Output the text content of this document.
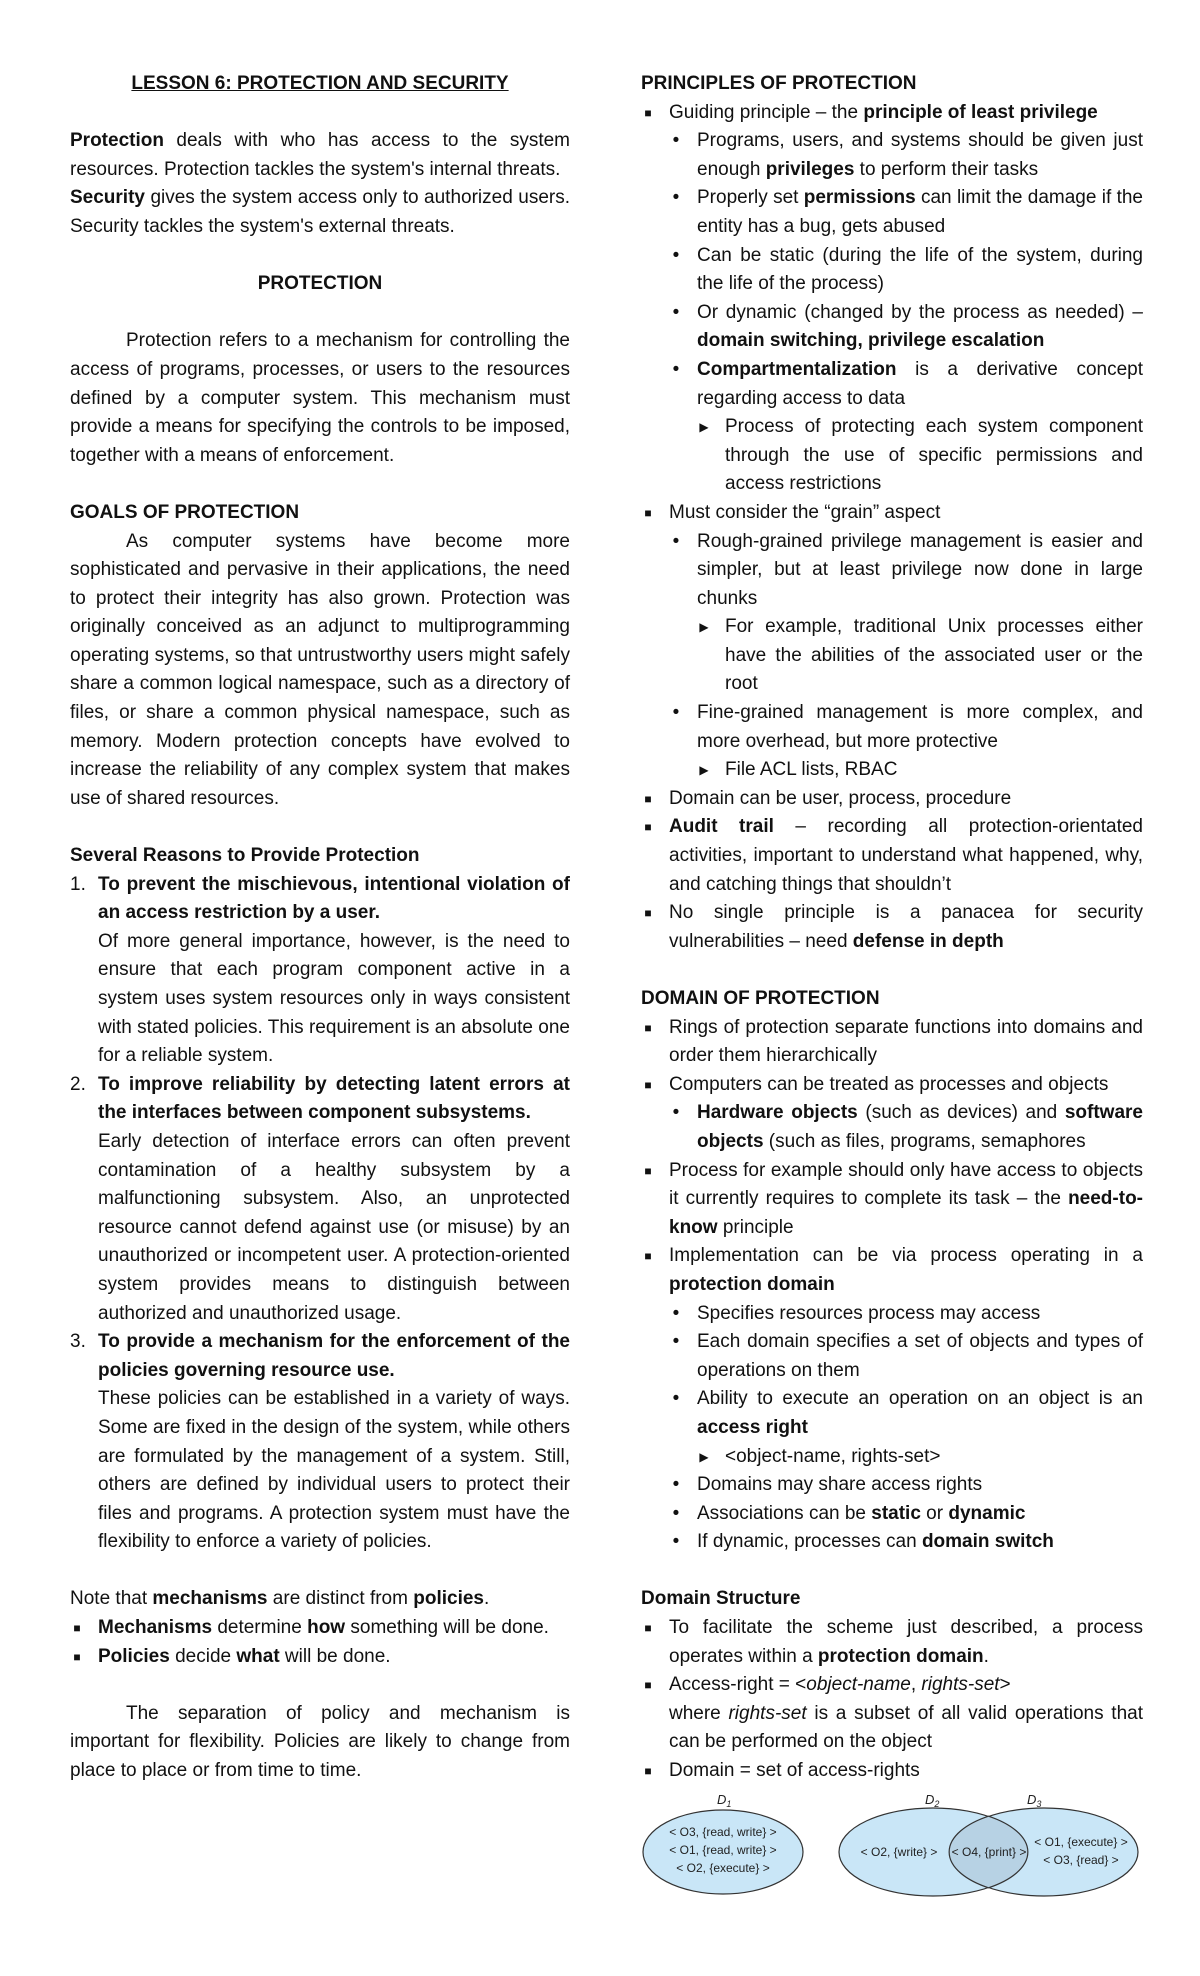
LESSON 6: PROTECTION AND SECURITY

Protection deals with who has access to the system resources. Protection tackles the system's internal threats.

Security gives the system access only to authorized users. Security tackles the system's external threats.

PROTECTION

Protection refers to a mechanism for controlling the access of programs, processes, or users to the resources defined by a computer system. This mechanism must provide a means for specifying the controls to be imposed, together with a means of enforcement.

GOALS OF PROTECTION

As computer systems have become more sophisticated and pervasive in their applications, the need to protect their integrity has also grown. Protection was originally conceived as an adjunct to multiprogramming operating systems, so that untrustworthy users might safely share a common logical namespace, such as a directory of files, or share a common physical namespace, such as memory. Modern protection concepts have evolved to increase the reliability of any complex system that makes use of shared resources.

Several Reasons to Provide Protection

1. To prevent the mischievous, intentional violation of an access restriction by a user.

Of more general importance, however, is the need to ensure that each program component active in a system uses system resources only in ways consistent with stated policies. This requirement is an absolute one for a reliable system.

2. To improve reliability by detecting latent errors at the interfaces between component subsystems.

Early detection of interface errors can often prevent contamination of a healthy subsystem by a malfunctioning subsystem. Also, an unprotected resource cannot defend against use (or misuse) by an unauthorized or incompetent user. A protection-oriented system provides means to distinguish between authorized and unauthorized usage.

3. To provide a mechanism for the enforcement of the policies governing resource use.

These policies can be established in a variety of ways. Some are fixed in the design of the system, while others are formulated by the management of a system. Still, others are defined by individual users to protect their files and programs. A protection system must have the flexibility to enforce a variety of policies.

Note that mechanisms are distinct from policies.

■ Mechanisms determine how something will be done.
■ Policies decide what will be done.

The separation of policy and mechanism is important for flexibility. Policies are likely to change from place to place or from time to time.

PRINCIPLES OF PROTECTION

■ Guiding principle – the principle of least privilege
• Programs, users, and systems should be given just enough privileges to perform their tasks
• Properly set permissions can limit the damage if the entity has a bug, gets abused
• Can be static (during the life of the system, during the life of the process)
• Or dynamic (changed by the process as needed) – domain switching, privilege escalation
• Compartmentalization is a derivative concept regarding access to data
▶ Process of protecting each system component through the use of specific permissions and access restrictions
■ Must consider the “grain” aspect
• Rough-grained privilege management is easier and simpler, but at least privilege now done in large chunks
▶ For example, traditional Unix processes either have the abilities of the associated user or the root
• Fine-grained management is more complex, and more overhead, but more protective
▶ File ACL lists, RBAC
■ Domain can be user, process, procedure
■ Audit trail – recording all protection-orientated activities, important to understand what happened, why, and catching things that shouldn’t
■ No single principle is a panacea for security vulnerabilities – need defense in depth

DOMAIN OF PROTECTION

■ Rings of protection separate functions into domains and order them hierarchically
■ Computers can be treated as processes and objects
• Hardware objects (such as devices) and software objects (such as files, programs, semaphores
■ Process for example should only have access to objects it currently requires to complete its task – the need-to-know principle
■ Implementation can be via process operating in a protection domain
• Specifies resources process may access
• Each domain specifies a set of objects and types of operations on them
• Ability to execute an operation on an object is an access right
▶ <object-name, rights-set>
• Domains may share access rights
• Associations can be static or dynamic
• If dynamic, processes can domain switch

Domain Structure

■ To facilitate the scheme just described, a process operates within a protection domain.
■ Access-right = <object-name, rights-set>
where rights-set is a subset of all valid operations that can be performed on the object
■ Domain = set of access-rights
$D_1$	$D_2$	$D_3$
< O3, {read, write} >
< O1, {read, write} >
< O2, {execute} >
< O2, {write} > < O4, {print} >
< O1, {execute} >
< O3, {read} >
